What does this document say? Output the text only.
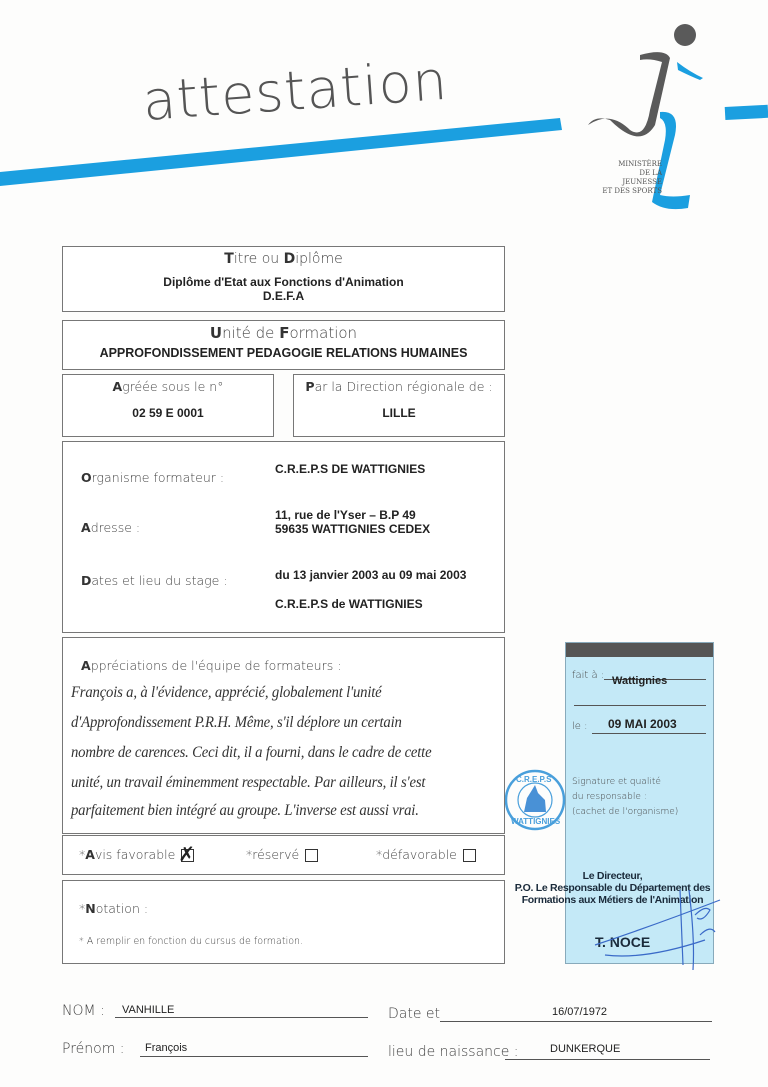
attestation
MINISTÈRE
DE LA
JEUNESSE
ET DES SPORTS
Titre ou Diplôme
Diplôme d'Etat aux Fonctions d'Animation
D.E.F.A
Unité de Formation
APPROFONDISSEMENT PEDAGOGIE RELATIONS HUMAINES
Agréée sous le n°
02 59 E 0001
Par la Direction régionale de :
LILLE
Organisme formateur :
C.R.E.P.S DE WATTIGNIES
Adresse :
11, rue de l'Yser – B.P 49
59635 WATTIGNIES CEDEX
Dates et lieu du stage :	du 13 janvier 2003 au 09 mai 2003
C.R.E.P.S de WATTIGNIES
Appréciations de l'équipe de formateurs :
François a, à l'évidence, apprécié, globalement l'unité
d'Approfondissement P.R.H. Même, s'il déplore un certain
nombre de carences. Ceci dit, il a fourni, dans le cadre de cette
unité, un travail éminemment respectable. Par ailleurs, il s'est
parfaitement bien intégré au groupe. L'inverse est aussi vrai.
*Avis favorable ✗	*réservé	*défavorable
*Notation :
* A remplir en fonction du cursus de formation.
fait à : Wattignies
le : 09 MAI 2003
Signature et qualité
du responsable :
(cachet de l'organisme)
Le Directeur,
P.O. Le Responsable du Département des
Formations aux Métiers de l'Animation
T. NOCE
C.R.E.P.S
WATTIGNIES
NOM : VANHILLE	Date et	16/07/1972
Prénom : François	lieu de naissance :	DUNKERQUE
